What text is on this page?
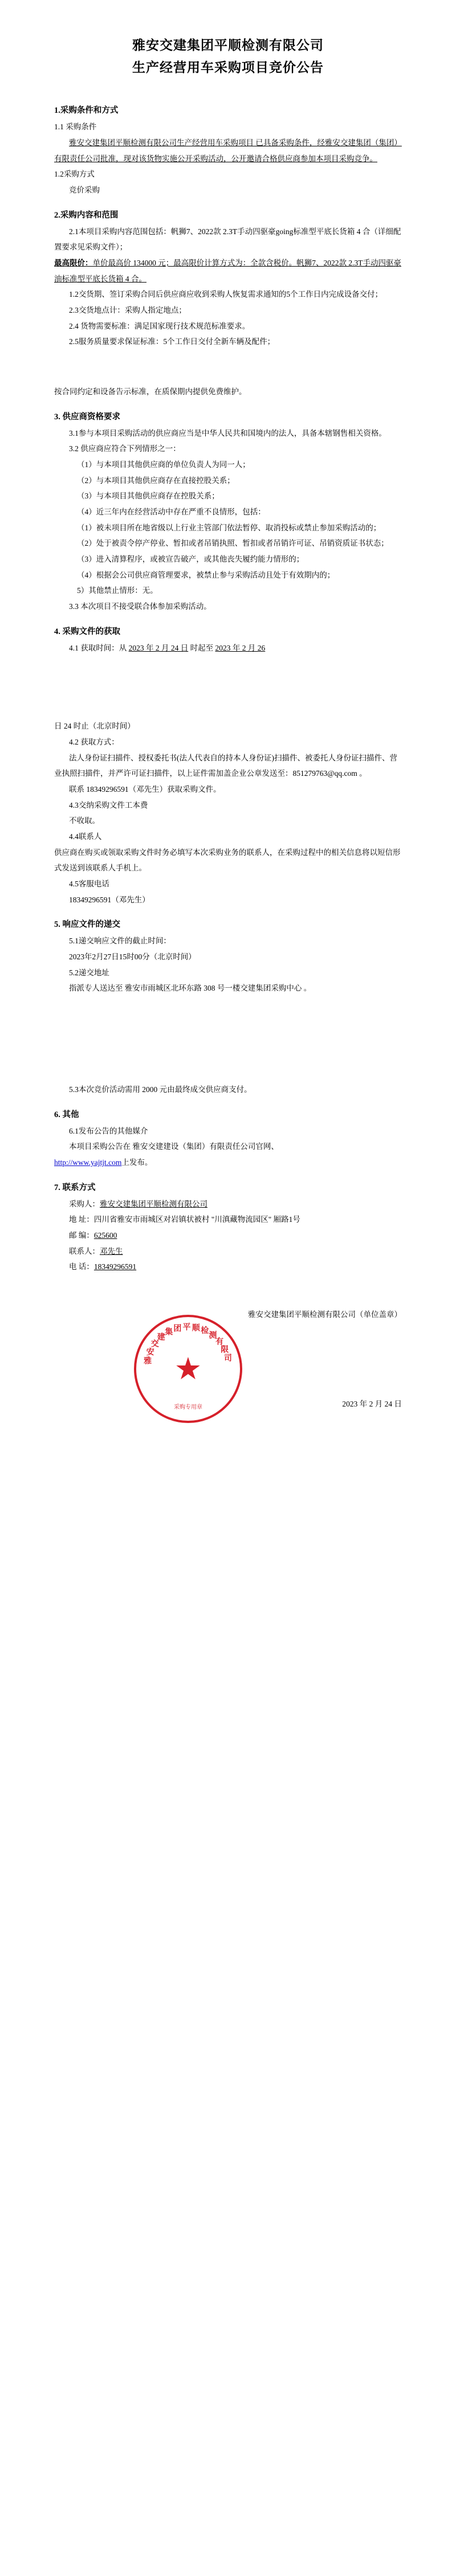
雅安交建集团平顺检测有限公司
生产经营用车采购项目竞价公告
1.采购条件和方式
1.1 采购条件
雅安交建集团平顺检测有限公司生产经营用车采购项目 已具备采购条件，经雅安交建集团（集团）有限责任公司批准，现对该货物实施公开采购活动，公开邀请合格供应商参加本项目采购竞争。
1.2采购方式
竞价采购
2.采购内容和范围
2.1本项目采购内容范围包括：帆狮7、2022款 2.3T手动四驱豪going标准型平底长货箱 4 合（详细配置要求见采购文件）；
最高限价：单价最高价 134000 元；最高限价计算方式为：全款含税价。帆狮7、2022款 2.3T手动四驱豪油标准型平底长货箱 4 合。
1.2交货期、签订采购合同后供应商应收到采购人恢复需求通知的5个工作日内完成设备交付；
2.3交货地点计：采购人指定地点；
2.4 货物需要标准：满足国家现行技术规范标准要求。
2.5服务质量要求保证标准：5个工作日交付全新车辆及配件；
按合同约定和设备告示标准，在质保期内提供免费维护。
3. 供应商资格要求
3.1参与本项目采购活动的供应商应当是中华人民共和国境内的法人，具备本辖钢售相关资格。
3.2 供应商应符合下列情形之一：
（1）与本项目其他供应商的单位负责人为同一人；
（2）与本项目其他供应商存在直接控股关系；
（3）与本项目其他供应商存在控股关系；
（4）近三年内在经营活动中存在严重不良情形，包括：
（1）被未项目所在地省级以上行业主管部门依法暂停、取消投标或禁止参加采购活动的；
（2）处于被责令停产停业、暂扣或者吊销执照、暂扣或者吊销许可证、吊销资质证书状态；
（3）进入清算程序，或被宣告破产，或其他丧失履约能力情形的；
（4）根据会公司供应商管理要求，被禁止参与采购活动且处于有效期内的；
5）其他禁止情形：无。
3.3 本次项目不接受联合体参加采购活动。
4. 采购文件的获取
4.1 获取时间：从 2023 年 2 月 24 日 时起至 2023 年 2 月 26
日 24 时止（北京时间）
4.2 获取方式：
法人身份证扫描件、授权委托书(法人代表自的持本人身份证)扫描件、被委托人身份证扫描件、营业执照扫描件，并严许可证扫描件，以上证件需加盖企业公章发送至：851279763@qq.com 。
联系 18349296591（邓先生）获取采购文件。
4.3交纳采购文件工本费
不收取。
4.4联系人
供应商在购买或领取采购文件时务必填写本次采购业务的联系人，在采购过程中的相关信息将以短信形式发送到该联系人手机上。
4.5客服电话
18349296591（邓先生）
5. 响应文件的递交
5.1递交响应文件的截止时间：
2023年2月27日15时00分（北京时间）
5.2递交地址
指派专人送达至 雅安市雨城区北环东路 308 号一楼交建集团采购中心 。
5.3本次竞价活动需用 2000 元由最终成交供应商支付。
6. 其他
6.1发布公告的其他媒介
本项目采购公告在 雅安交建建设（集团）有限责任公司官网、
http://www.yajtjt.com上发布。
7. 联系方式
采购人：雅安交建集团平顺检测有限公司
地 址：四川省雅安市雨城区对岩镇状被村 "川滇藏物流园区" 厢路1号
邮 编：625600
联系人：邓先生
电 话：18349296591
雅安交建集团平顺检测有限公司（单位盖章）
★
雅
安
交
建
集 团 平 顺 检
测
有
限
司
采购专用章	2023 年 2 月 24 日
